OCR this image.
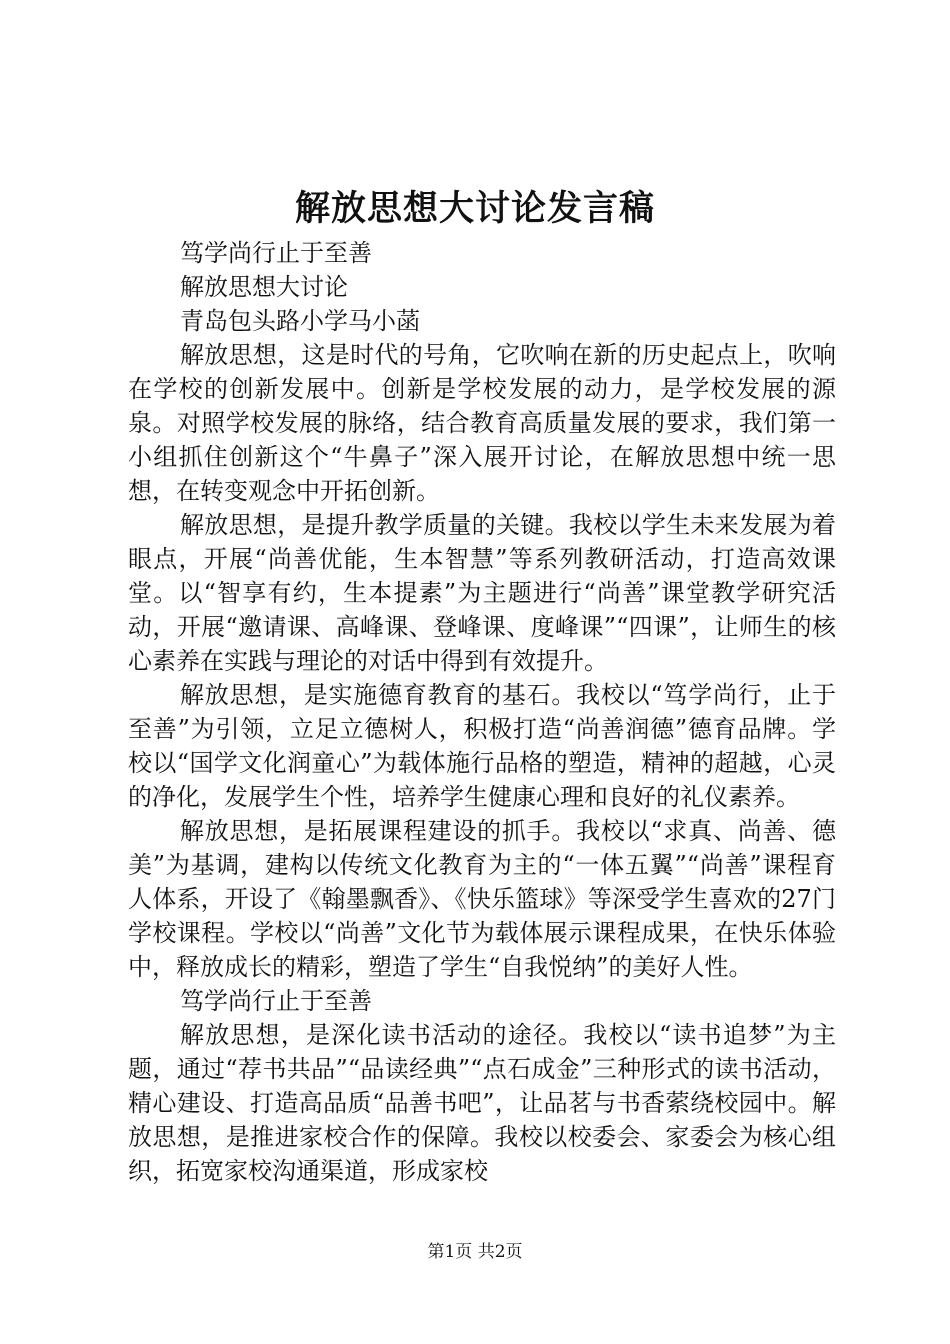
解放思想大讨论发言稿
笃学尚行止于至善
解放思想大讨论
青岛包头路小学马小菡

解放思想，这是时代的号角，它吹响在新的历史起点上，吹响在学校的创新发展中。创新是学校发展的动力，是学校发展的源泉。对照学校发展的脉络，结合教育高质量发展的要求，我们第一小组抓住创新这个“牛鼻子”深入展开讨论，在解放思想中统一思想，在转变观念中开拓创新。

解放思想，是提升教学质量的关键。我校以学生未来发展为着眼点，开展“尚善优能，生本智慧”等系列教研活动，打造高效课堂。以“智享有约，生本提素”为主题进行“尚善”课堂教学研究活动，开展“邀请课、高峰课、登峰课、度峰课”“四课”，让师生的核心素养在实践与理论的对话中得到有效提升。

解放思想，是实施德育教育的基石。我校以“笃学尚行，止于至善”为引领，立足立德树人，积极打造“尚善润德”德育品牌。学校以“国学文化润童心”为载体施行品格的塑造，精神的超越，心灵的净化，发展学生个性，培养学生健康心理和良好的礼仪素养。

解放思想，是拓展课程建设的抓手。我校以“求真、尚善、德美”为基调，建构以传统文化教育为主的“一体五翼”“尚善”课程育人体系，开设了《翰墨飘香》、《快乐篮球》等深受学生喜欢的27门学校课程。学校以“尚善”文化节为载体展示课程成果，在快乐体验中，释放成长的精彩，塑造了学生“自我悦纳”的美好人性。

笃学尚行止于至善

解放思想，是深化读书活动的途径。我校以“读书追梦”为主题，通过“荐书共品”“品读经典”“点石成金”三种形式的读书活动，精心建设、打造高品质“品善书吧”，让品茗与书香萦绕校园中。解放思想，是推进家校合作的保障。我校以校委会、家委会为核心组织，拓宽家校沟通渠道，形成家校

第1页 共2页
